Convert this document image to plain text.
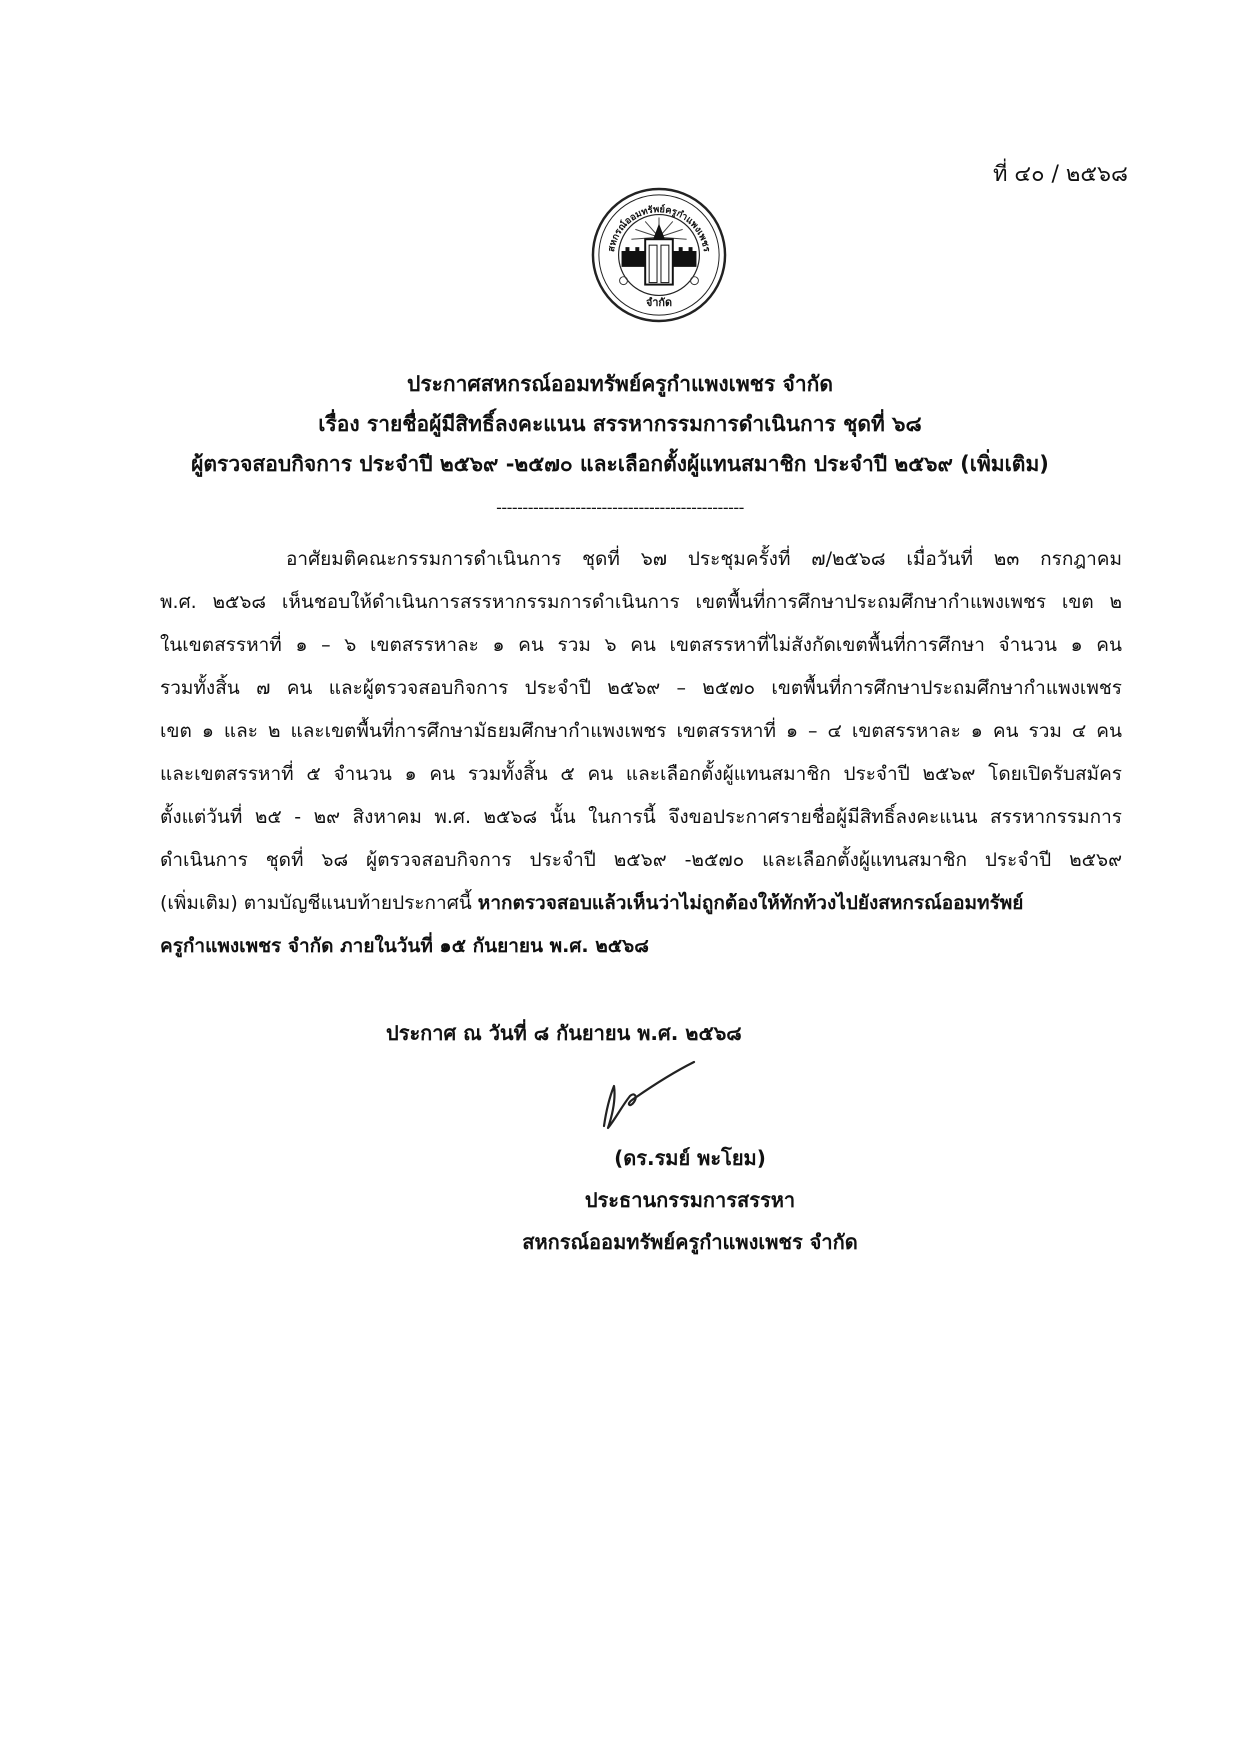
ที่ ๔๐ / ๒๕๖๘
สหกรณ์ออมทรัพย์ครูกำแพงเพชร
จำกัด
ประกาศสหกรณ์ออมทรัพย์ครูกำแพงเพชร จำกัด
เรื่อง รายชื่อผู้มีสิทธิ์ลงคะแนน สรรหากรรมการดำเนินการ ชุดที่ ๖๘
ผู้ตรวจสอบกิจการ ประจำปี ๒๕๖๙ -๒๕๗๐ และเลือกตั้งผู้แทนสมาชิก ประจำปี ๒๕๖๙ (เพิ่มเติม)
-----------------------------------------------
อาศัยมติคณะกรรมการดำเนินการ ชุดที่ ๖๗ ประชุมครั้งที่ ๗/๒๕๖๘ เมื่อวันที่ ๒๓ กรกฎาคม
พ.ศ. ๒๕๖๘ เห็นชอบให้ดำเนินการสรรหากรรมการดำเนินการ เขตพื้นที่การศึกษาประถมศึกษากำแพงเพชร เขต ๒
ในเขตสรรหาที่ ๑ – ๖ เขตสรรหาละ ๑ คน รวม ๖ คน เขตสรรหาที่ไม่สังกัดเขตพื้นที่การศึกษา จำนวน ๑ คน
รวมทั้งสิ้น ๗ คน และผู้ตรวจสอบกิจการ ประจำปี ๒๕๖๙ – ๒๕๗๐ เขตพื้นที่การศึกษาประถมศึกษากำแพงเพชร
เขต ๑ และ ๒ และเขตพื้นที่การศึกษามัธยมศึกษากำแพงเพชร เขตสรรหาที่ ๑ – ๔ เขตสรรหาละ ๑ คน รวม ๔ คน
และเขตสรรหาที่ ๕ จำนวน ๑ คน รวมทั้งสิ้น ๕ คน และเลือกตั้งผู้แทนสมาชิก ประจำปี ๒๕๖๙ โดยเปิดรับสมัคร
ตั้งแต่วันที่ ๒๕ - ๒๙ สิงหาคม พ.ศ. ๒๕๖๘ นั้น ในการนี้ จึงขอประกาศรายชื่อผู้มีสิทธิ์ลงคะแนน สรรหากรรมการ
ดำเนินการ ชุดที่ ๖๘ ผู้ตรวจสอบกิจการ ประจำปี ๒๕๖๙ -๒๕๗๐ และเลือกตั้งผู้แทนสมาชิก ประจำปี ๒๕๖๙
(เพิ่มเติม) ตามบัญชีแนบท้ายประกาศนี้ หากตรวจสอบแล้วเห็นว่าไม่ถูกต้องให้ทักท้วงไปยังสหกรณ์ออมทรัพย์
ครูกำแพงเพชร จำกัด ภายในวันที่ ๑๕ กันยายน พ.ศ. ๒๕๖๘
ประกาศ ณ วันที่ ๘ กันยายน พ.ศ. ๒๕๖๘
(ดร.รมย์ พะโยม)
ประธานกรรมการสรรหา
สหกรณ์ออมทรัพย์ครูกำแพงเพชร จำกัด
